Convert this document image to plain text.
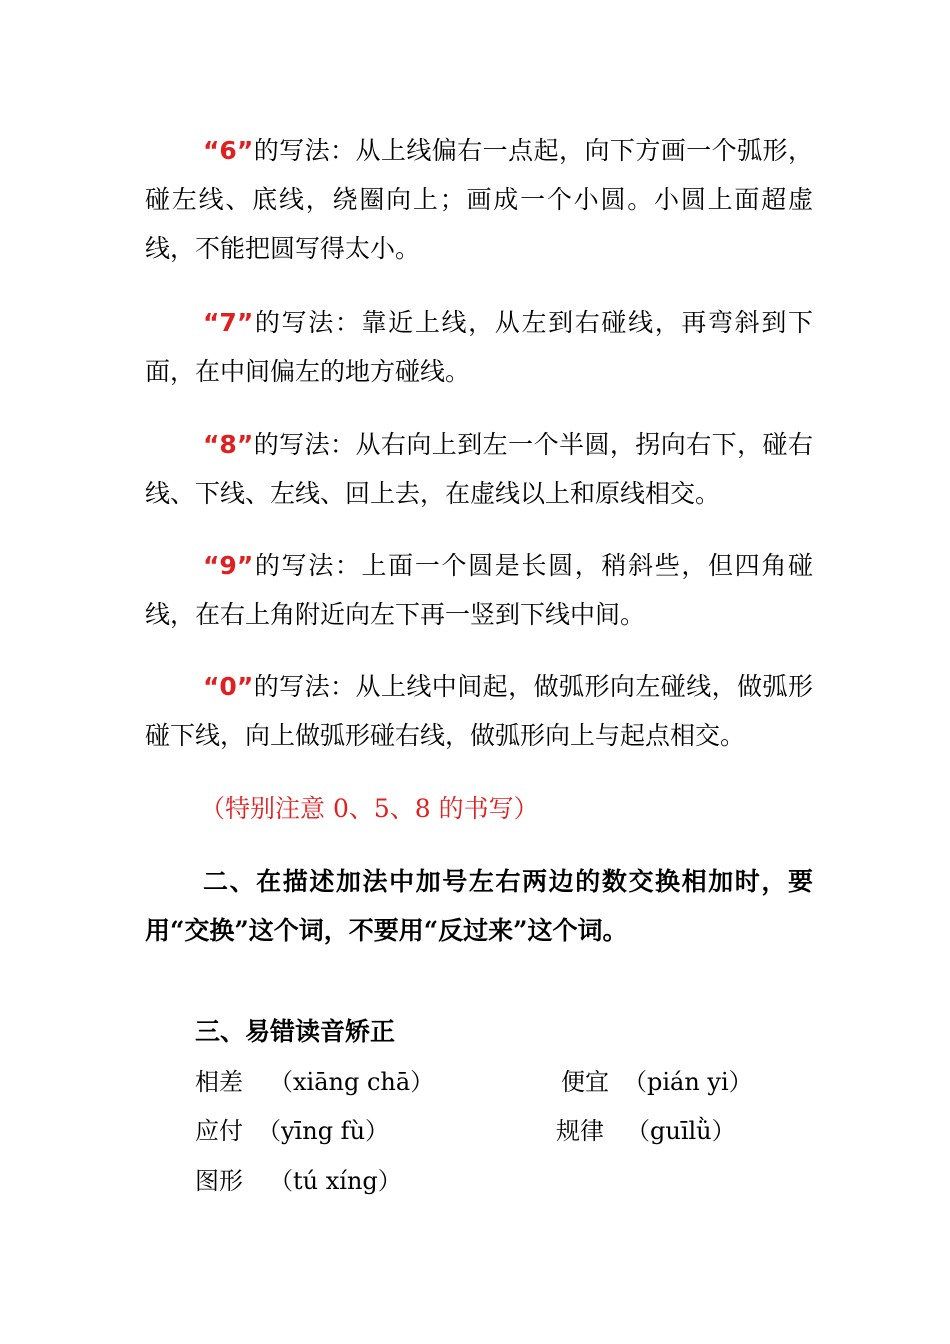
“6”的写法：从上线偏右一点起，向下方画一个弧形，碰左线、底线，绕圈向上；画成一个小圆。小圆上面超虚线，不能把圆写得太小。

“7”的写法：靠近上线，从左到右碰线，再弯斜到下面，在中间偏左的地方碰线。

“8”的写法：从右向上到左一个半圆，拐向右下，碰右线、下线、左线、回上去，在虚线以上和原线相交。

“9”的写法：上面一个圆是长圆，稍斜些，但四角碰线，在右上角附近向左下再一竖到下线中间。

“0”的写法：从上线中间起，做弧形向左碰线，做弧形碰下线，向上做弧形碰右线，做弧形向上与起点相交。

（特别注意 0、5、8 的书写）

二、在描述加法中加号左右两边的数交换相加时，要用“交换”这个词，不要用“反过来”这个词。

三、易错读音矫正

相差 （xiāng chā）	便宜 （pián yi）
应付 （yīng fù）	规律 （guīlǜ）
图形 （tú xíng）
